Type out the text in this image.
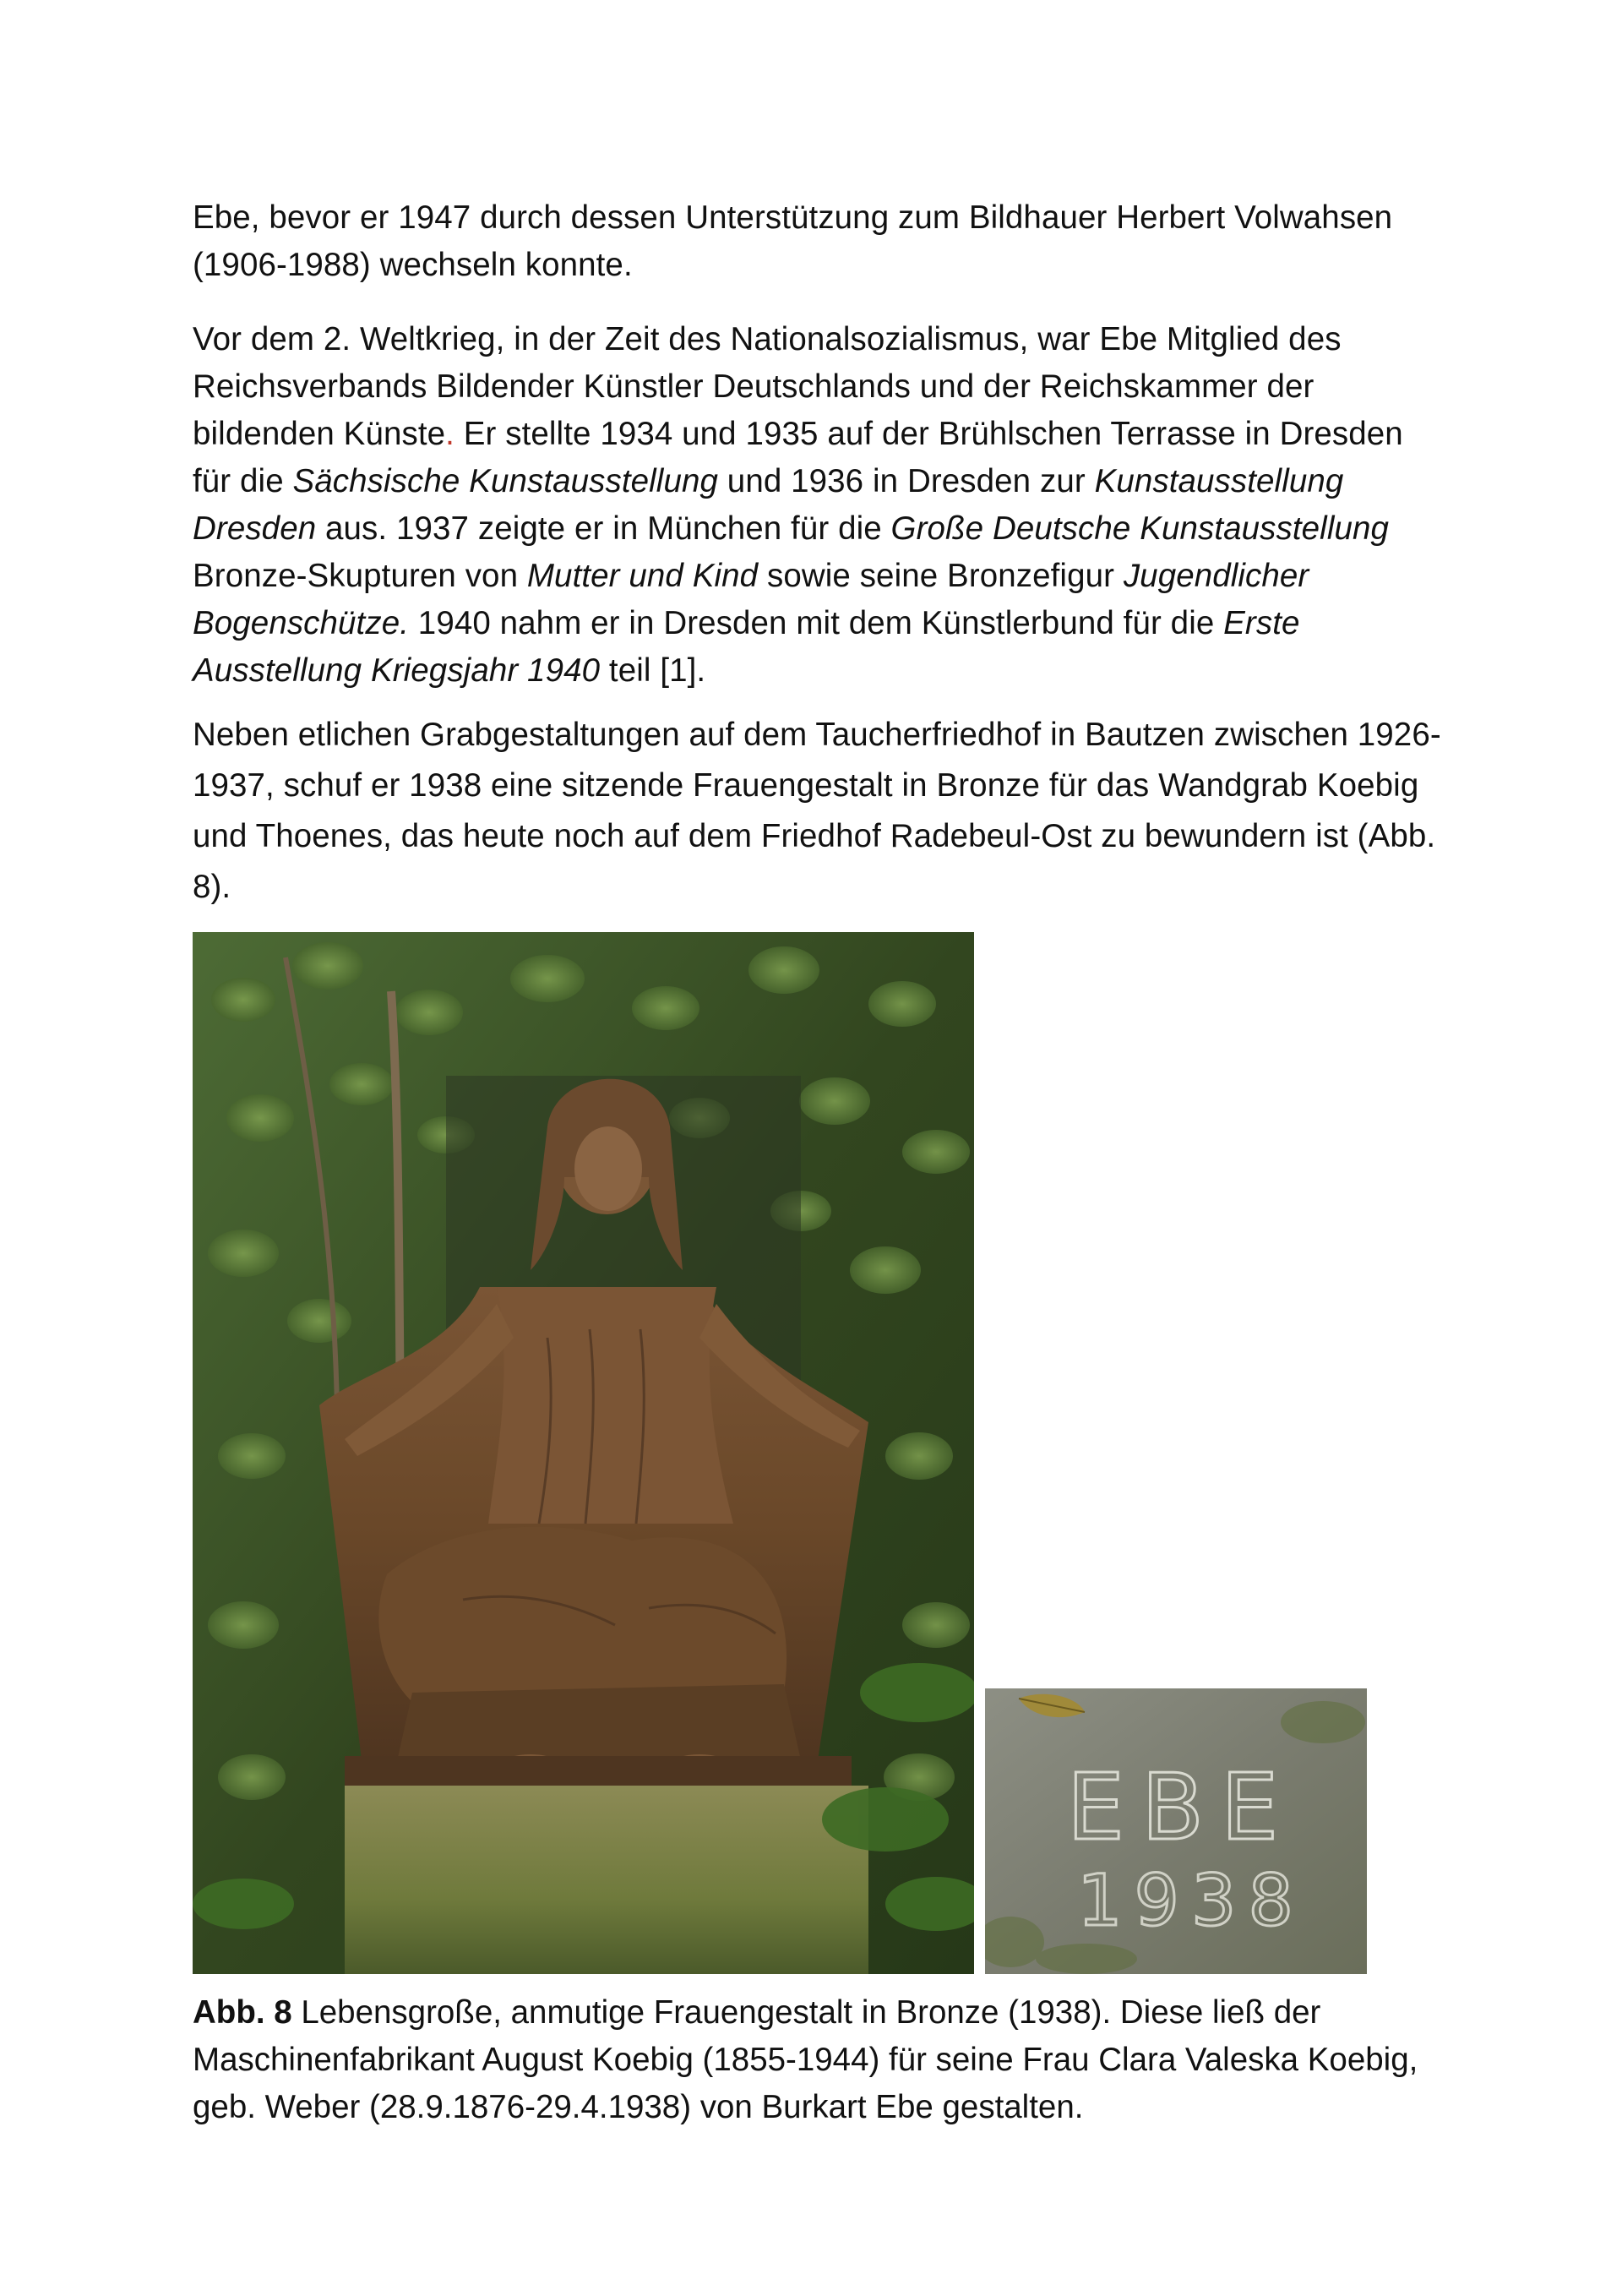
Ebe, bevor er 1947 durch dessen Unterstützung zum Bildhauer Herbert Volwahsen (1906-1988) wechseln konnte.

Vor dem 2. Weltkrieg, in der Zeit des Nationalsozialismus, war Ebe Mitglied des Reichsverbands Bildender Künstler Deutschlands und der Reichskammer der bildenden Künste. Er stellte 1934 und 1935 auf der Brühlschen Terrasse in Dresden für die Sächsische Kunstausstellung und 1936 in Dresden zur Kunstausstellung Dresden aus. 1937 zeigte er in München für die Große Deutsche Kunstausstellung Bronze-Skupturen von Mutter und Kind sowie seine Bronzefigur Jugendlicher Bogenschütze. 1940 nahm er in Dresden mit dem Künstlerbund für die Erste Ausstellung Kriegsjahr 1940 teil [1].

Neben etlichen Grabgestaltungen auf dem Taucherfriedhof in Bautzen zwischen 1926-1937, schuf er 1938 eine sitzende Frauengestalt in Bronze für das Wandgrab Koebig und Thoenes, das heute noch auf dem Friedhof Radebeul-Ost zu bewundern ist (Abb. 8).

EBE
1938
Abb. 8 Lebensgroße, anmutige Frauengestalt in Bronze (1938). Diese ließ der Maschinenfabrikant August Koebig (1855-1944) für seine Frau Clara Valeska Koebig, geb. Weber (28.9.1876-29.4.1938) von Burkart Ebe gestalten.
